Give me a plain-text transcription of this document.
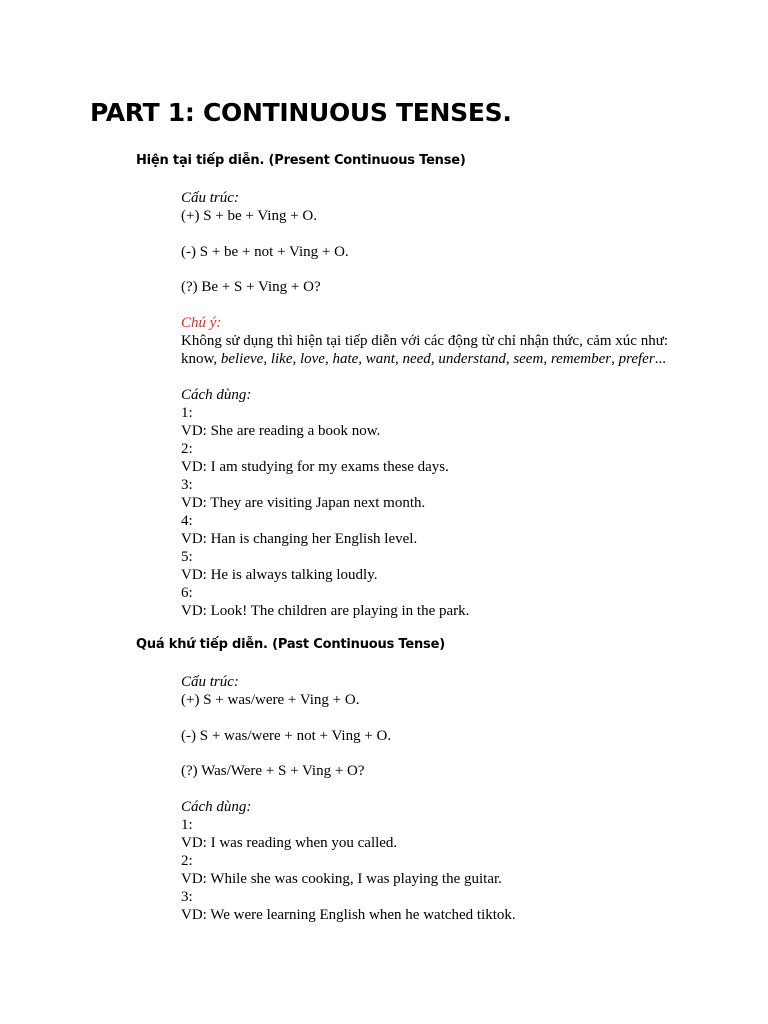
PART 1: CONTINUOUS TENSES.
Hiện tại tiếp diễn. (Present Continuous Tense)
Cấu trúc:
(+) S + be + Ving + O.
(-) S + be + not + Ving + O.
(?) Be + S + Ving + O?
Chú ý:
Không sử dụng thì hiện tại tiếp diễn với các động từ chỉ nhận thức, cảm xúc như:
know, believe, like, love, hate, want, need, understand, seem, remember, prefer...
Cách dùng:
1:
VD: She are reading a book now.
2:
VD: I am studying for my exams these days.
3:
VD: They are visiting Japan next month.
4:
VD: Han is changing her English level.
5:
VD: He is always talking loudly.
6:
VD: Look! The children are playing in the park.
Quá khứ tiếp diễn. (Past Continuous Tense)
Cấu trúc:
(+) S + was/were + Ving + O.
(-) S + was/were + not + Ving + O.
(?) Was/Were + S + Ving + O?
Cách dùng:
1:
VD: I was reading when you called.
2:
VD: While she was cooking, I was playing the guitar.
3:
VD: We were learning English when he watched tiktok.
